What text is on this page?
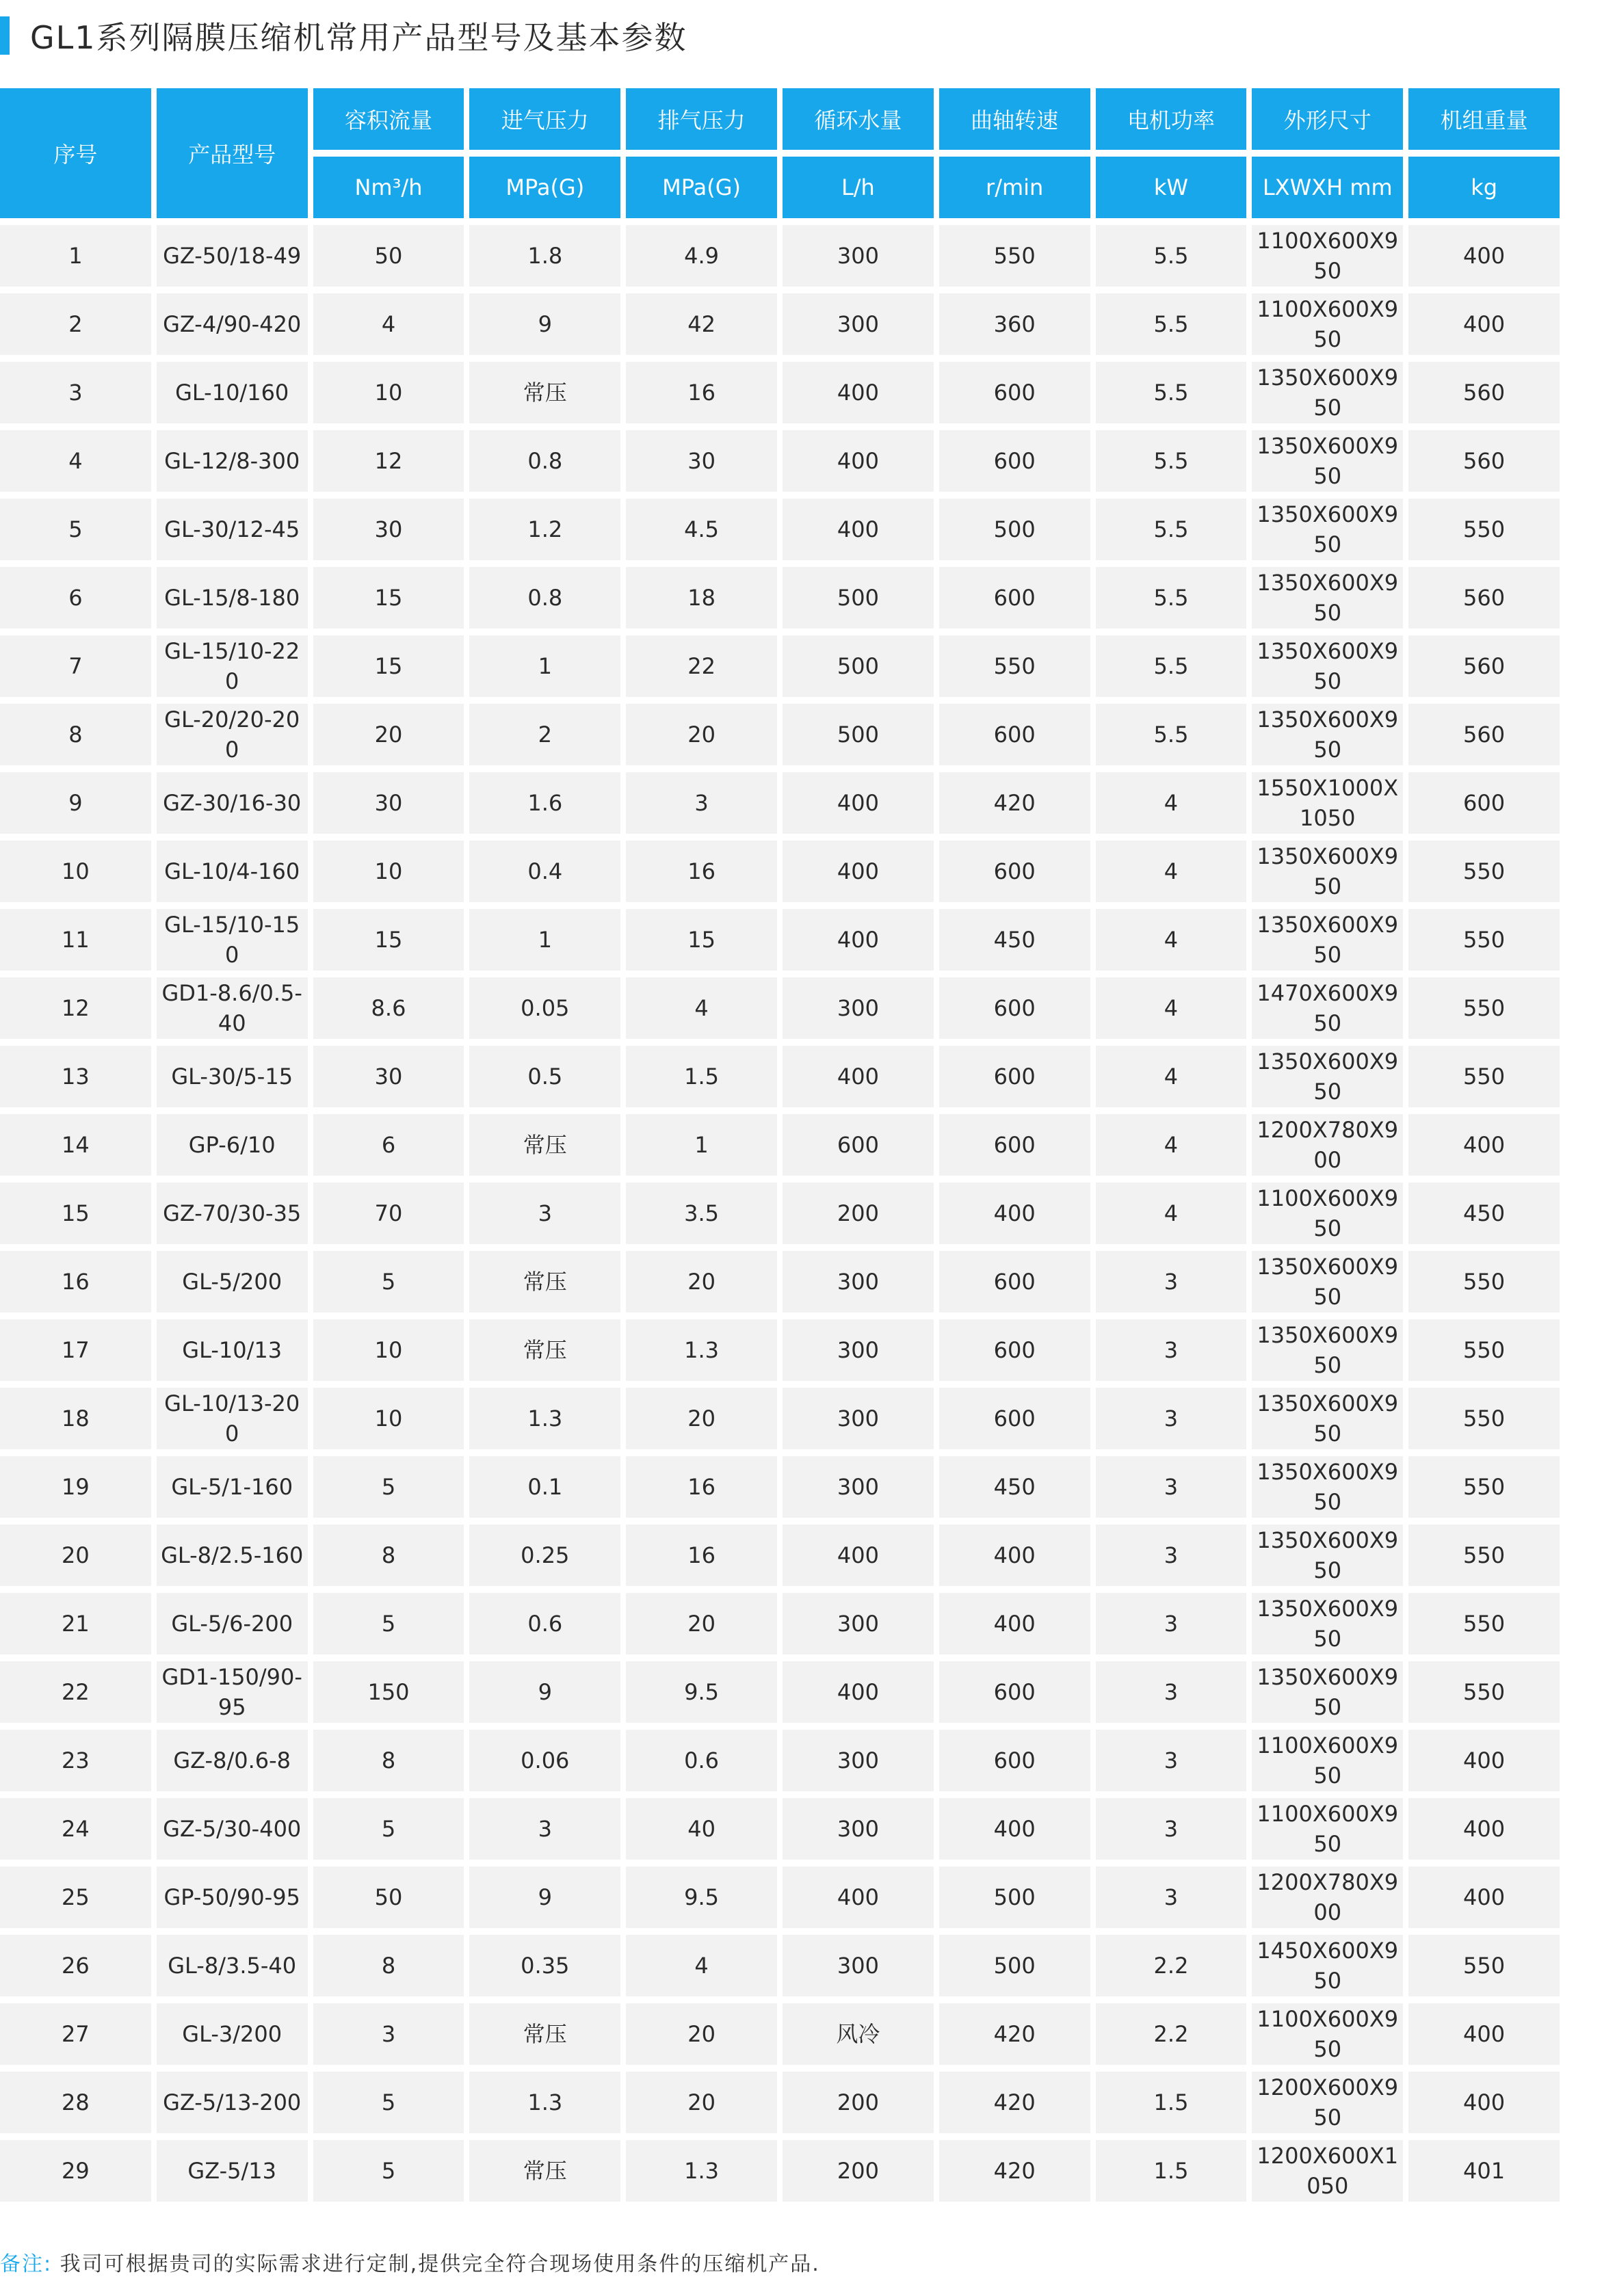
GL1系列隔膜压缩机常用产品型号及基本参数
序号	产品型号	容积流量	进气压力	排气压力	循环水量	曲轴转速	电机功率	外形尺寸	机组重量
		Nm³/h	MPa(G)	MPa(G)	L/h	r/min	kW	LXWXH mm	kg
1	GZ-50/18-49	50	1.8	4.9	300	550	5.5	1100X600X950	400
2	GZ-4/90-420	4	9	42	300	360	5.5	1100X600X950	400
3	GL-10/160	10	常压	16	400	600	5.5	1350X600X950	560
4	GL-12/8-300	12	0.8	30	400	600	5.5	1350X600X950	560
5	GL-30/12-45	30	1.2	4.5	400	500	5.5	1350X600X950	550
6	GL-15/8-180	15	0.8	18	500	600	5.5	1350X600X950	560
7	GL-15/10-220	15	1	22	500	550	5.5	1350X600X950	560
8	GL-20/20-200	20	2	20	500	600	5.5	1350X600X950	560
9	GZ-30/16-30	30	1.6	3	400	420	4	1550X1000X1050	600
10	GL-10/4-160	10	0.4	16	400	600	4	1350X600X950	550
11	GL-15/10-150	15	1	15	400	450	4	1350X600X950	550
12	GD1-8.6/0.5-40	8.6	0.05	4	300	600	4	1470X600X950	550
13	GL-30/5-15	30	0.5	1.5	400	600	4	1350X600X950	550
14	GP-6/10	6	常压	1	600	600	4	1200X780X900	400
15	GZ-70/30-35	70	3	3.5	200	400	4	1100X600X950	450
16	GL-5/200	5	常压	20	300	600	3	1350X600X950	550
17	GL-10/13	10	常压	1.3	300	600	3	1350X600X950	550
18	GL-10/13-200	10	1.3	20	300	600	3	1350X600X950	550
19	GL-5/1-160	5	0.1	16	300	450	3	1350X600X950	550
20	GL-8/2.5-160	8	0.25	16	400	400	3	1350X600X950	550
21	GL-5/6-200	5	0.6	20	300	400	3	1350X600X950	550
22	GD1-150/90-95	150	9	9.5	400	600	3	1350X600X950	550
23	GZ-8/0.6-8	8	0.06	0.6	300	600	3	1100X600X950	400
24	GZ-5/30-400	5	3	40	300	400	3	1100X600X950	400
25	GP-50/90-95	50	9	9.5	400	500	3	1200X780X900	400
26	GL-8/3.5-40	8	0.35	4	300	500	2.2	1450X600X950	550
27	GL-3/200	3	常压	20	风冷	420	2.2	1100X600X950	400
28	GZ-5/13-200	5	1.3	20	200	420	1.5	1200X600X950	400
29	GZ-5/13	5	常压	1.3	200	420	1.5	1200X600X1050	401
备注: 我司可根据贵司的实际需求进行定制,提供完全符合现场使用条件的压缩机产品.
